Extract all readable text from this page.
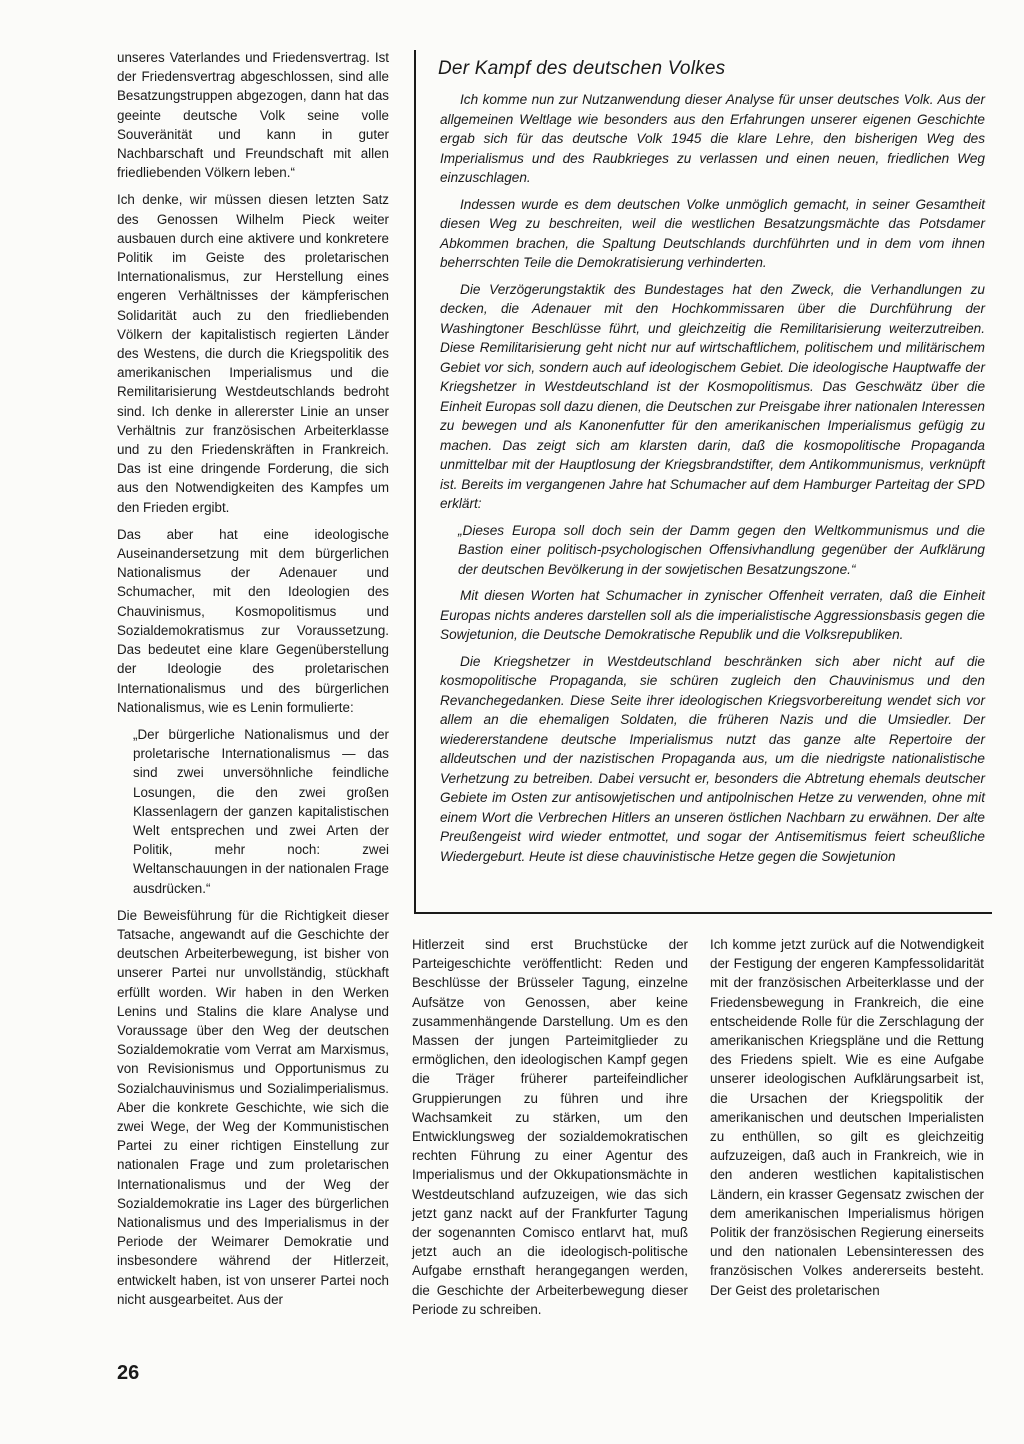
Der Kampf des deutschen Volkes

unseres Vaterlandes und Friedensvertrag. Ist der Friedensvertrag abgeschlossen, sind alle Besatzungstruppen abgezogen, dann hat das geeinte deutsche Volk seine volle Souveränität und kann in guter Nachbarschaft und Freundschaft mit allen friedliebenden Völkern leben.“

Ich denke, wir müssen diesen letzten Satz des Genossen Wilhelm Pieck weiter ausbauen durch eine aktivere und konkretere Politik im Geiste des proletarischen Internationalismus, zur Herstellung eines engeren Verhältnisses der kämpferischen Solidarität auch zu den friedliebenden Völkern der kapitalistisch regierten Länder des Westens, die durch die Kriegspolitik des amerikanischen Imperialismus und die Remilitarisierung Westdeutschlands bedroht sind. Ich denke in allererster Linie an unser Verhältnis zur französischen Arbeiterklasse und zu den Friedenskräften in Frankreich. Das ist eine dringende Forderung, die sich aus den Notwendigkeiten des Kampfes um den Frieden ergibt.

Das aber hat eine ideologische Auseinandersetzung mit dem bürgerlichen Nationalismus der Adenauer und Schumacher, mit den Ideologien des Chauvinismus, Kosmopolitismus und Sozialdemokratismus zur Voraussetzung. Das bedeutet eine klare Gegenüberstellung der Ideologie des proletarischen Internationalismus und des bürgerlichen Nationalismus, wie es Lenin formulierte:

„Der bürgerliche Nationalismus und der proletarische Internationalismus — das sind zwei unversöhnliche feindliche Losungen, die den zwei großen Klassenlagern der ganzen kapitalistischen Welt entsprechen und zwei Arten der Politik, mehr noch: zwei Weltanschauungen in der nationalen Frage ausdrücken.“

Die Beweisführung für die Richtigkeit dieser Tatsache, angewandt auf die Geschichte der deutschen Arbeiterbewegung, ist bisher von unserer Partei nur unvollständig, stückhaft erfüllt worden. Wir haben in den Werken Lenins und Stalins die klare Analyse und Voraussage über den Weg der deutschen Sozialdemokratie vom Verrat am Marxismus, von Revisionismus und Opportunismus zu Sozialchauvinismus und Sozialimperialismus. Aber die konkrete Geschichte, wie sich die zwei Wege, der Weg der Kommunistischen Partei zu einer richtigen Einstellung zur nationalen Frage und zum proletarischen Internationalismus und der Weg der Sozialdemokratie ins Lager des bürgerlichen Nationalismus und des Imperialismus in der Periode der Weimarer Demokratie und insbesondere während der Hitlerzeit, entwickelt haben, ist von unserer Partei noch nicht ausgearbeitet. Aus der

Ich komme nun zur Nutzanwendung dieser Analyse für unser deutsches Volk. Aus der allgemeinen Weltlage wie besonders aus den Erfahrungen unserer eigenen Geschichte ergab sich für das deutsche Volk 1945 die klare Lehre, den bisherigen Weg des Imperialismus und des Raubkrieges zu verlassen und einen neuen, friedlichen Weg einzuschlagen.

Indessen wurde es dem deutschen Volke unmöglich gemacht, in seiner Gesamtheit diesen Weg zu beschreiten, weil die westlichen Besatzungsmächte das Potsdamer Abkommen brachen, die Spaltung Deutschlands durchführten und in dem vom ihnen beherrschten Teile die Demokratisierung verhinderten.

Die Verzögerungstaktik des Bundestages hat den Zweck, die Verhandlungen zu decken, die Adenauer mit den Hochkommissaren über die Durchführung der Washingtoner Beschlüsse führt, und gleichzeitig die Remilitarisierung weiterzutreiben. Diese Remilitarisierung geht nicht nur auf wirtschaftlichem, politischem und militärischem Gebiet vor sich, sondern auch auf ideologischem Gebiet. Die ideologische Hauptwaffe der Kriegshetzer in Westdeutschland ist der Kosmopolitismus. Das Geschwätz über die Einheit Europas soll dazu dienen, die Deutschen zur Preisgabe ihrer nationalen Interessen zu bewegen und als Kanonenfutter für den amerikanischen Imperialismus gefügig zu machen. Das zeigt sich am klarsten darin, daß die kosmopolitische Propaganda unmittelbar mit der Hauptlosung der Kriegsbrandstifter, dem Antikommunismus, verknüpft ist. Bereits im vergangenen Jahre hat Schumacher auf dem Hamburger Parteitag der SPD erklärt:

„Dieses Europa soll doch sein der Damm gegen den Weltkommunismus und die Bastion einer politisch-psychologischen Offensivhandlung gegenüber der Aufklärung der deutschen Bevölkerung in der sowjetischen Besatzungszone.“

Mit diesen Worten hat Schumacher in zynischer Offenheit verraten, daß die Einheit Europas nichts anderes darstellen soll als die imperialistische Aggressionsbasis gegen die Sowjetunion, die Deutsche Demokratische Republik und die Volksrepubliken.

Die Kriegshetzer in Westdeutschland beschränken sich aber nicht auf die kosmopolitische Propaganda, sie schüren zugleich den Chauvinismus und den Revanchegedanken. Diese Seite ihrer ideologischen Kriegsvorbereitung wendet sich vor allem an die ehemaligen Soldaten, die früheren Nazis und die Umsiedler. Der wiedererstandene deutsche Imperialismus nutzt das ganze alte Repertoire der alldeutschen und der nazistischen Propaganda aus, um die niedrigste nationalistische Verhetzung zu betreiben. Dabei versucht er, besonders die Abtretung ehemals deutscher Gebiete im Osten zur antisowjetischen und antipolnischen Hetze zu verwenden, ohne mit einem Wort die Verbrechen Hitlers an unseren östlichen Nachbarn zu erwähnen. Der alte Preußengeist wird wieder entmottet, und sogar der Antisemitismus feiert scheußliche Wiedergeburt. Heute ist diese chauvinistische Hetze gegen die Sowjetunion

Hitlerzeit sind erst Bruchstücke der Parteigeschichte veröffentlicht: Reden und Beschlüsse der Brüsseler Tagung, einzelne Aufsätze von Genossen, aber keine zusammenhängende Darstellung. Um es den Massen der jungen Parteimitglieder zu ermöglichen, den ideologischen Kampf gegen die Träger früherer parteifeindlicher Gruppierungen zu führen und ihre Wachsamkeit zu stärken, um den Entwicklungsweg der sozialdemokratischen rechten Führung zu einer Agentur des Imperialismus und der Okkupationsmächte in Westdeutschland aufzuzeigen, wie das sich jetzt ganz nackt auf der Frankfurter Tagung der sogenannten Comisco entlarvt hat, muß jetzt auch an die ideologisch-politische Aufgabe ernsthaft herangegangen werden, die Geschichte der Arbeiterbewegung dieser Periode zu schreiben.

Ich komme jetzt zurück auf die Notwendigkeit der Festigung der engeren Kampfessolidarität mit der französischen Arbeiterklasse und der Friedensbewegung in Frankreich, die eine entscheidende Rolle für die Zerschlagung der amerikanischen Kriegspläne und die Rettung des Friedens spielt. Wie es eine Aufgabe unserer ideologischen Aufklärungsarbeit ist, die Ursachen der Kriegspolitik der amerikanischen und deutschen Imperialisten zu enthüllen, so gilt es gleichzeitig aufzuzeigen, daß auch in Frankreich, wie in den anderen westlichen kapitalistischen Ländern, ein krasser Gegensatz zwischen der dem amerikanischen Imperialismus hörigen Politik der französischen Regierung einerseits und den nationalen Lebensinteressen des französischen Volkes andererseits besteht. Der Geist des proletarischen

26
